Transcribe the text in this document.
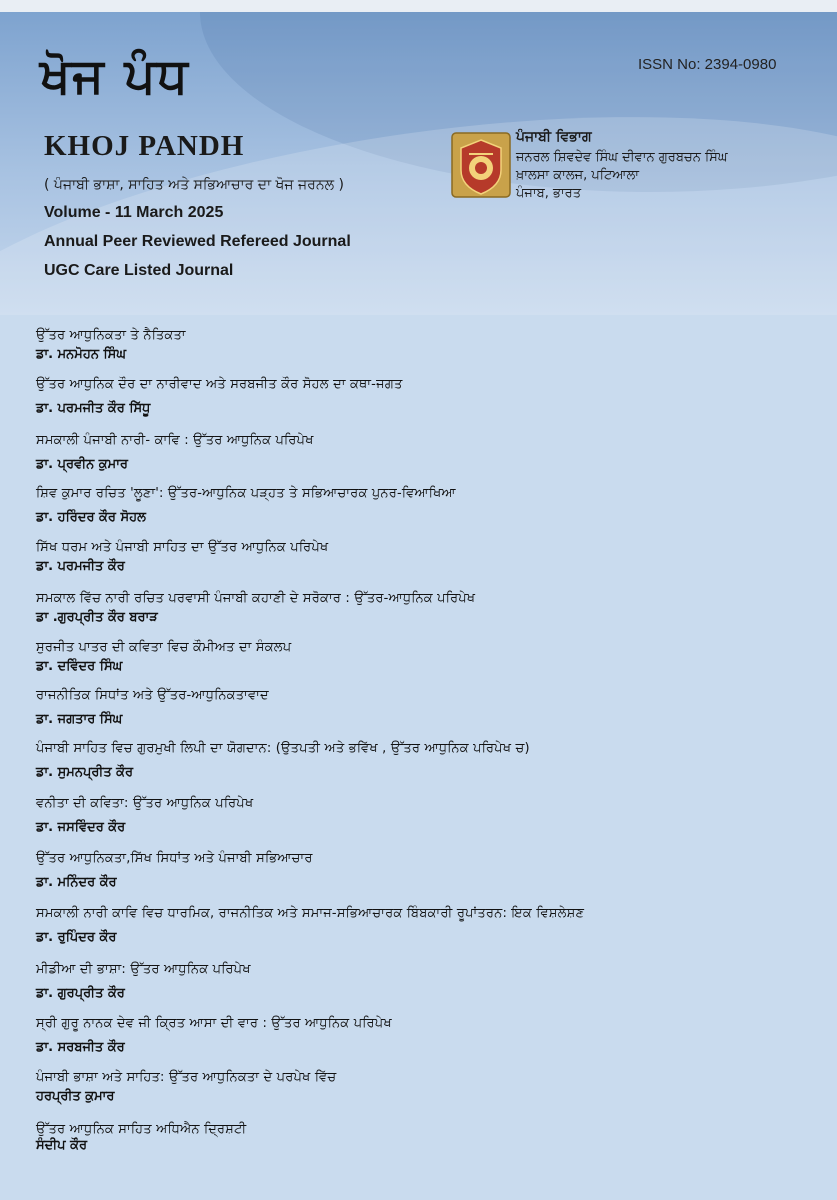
ਖੋਜ ਪੰਧ	ISSN No: 2394-0980
KHOJ PANDH
( ਪੰਜਾਬੀ ਭਾਸ਼ਾ, ਸਾਹਿਤ ਅਤੇ ਸਭਿਆਚਾਰ ਦਾ ਖੋਜ ਜਰਨਲ )
Volume - 11 March 2025
Annual Peer Reviewed Refereed Journal
UGC Care Listed Journal
ਪੰਜਾਬੀ ਵਿਭਾਗ
ਜਨਰਲ ਸ਼ਿਵਦੇਵ ਸਿੰਘ ਦੀਵਾਨ ਗੁਰਬਚਨ ਸਿੰਘ
ਖ਼ਾਲਸਾ ਕਾਲਜ, ਪਟਿਆਲਾ
ਪੰਜਾਬ, ਭਾਰਤ
ਉੱਤਰ ਆਧੁਨਿਕਤਾ ਤੇ ਨੈਤਿਕਤਾ
ਡਾ. ਮਨਮੋਹਨ ਸਿੰਘ
ਉੱਤਰ ਆਧੁਨਿਕ ਦੌਰ ਦਾ ਨਾਰੀਵਾਦ ਅਤੇ ਸਰਬਜੀਤ ਕੌਰ ਸੋਹਲ ਦਾ ਕਥਾ-ਜਗਤ
ਡਾ. ਪਰਮਜੀਤ ਕੌਰ ਸਿੱਧੂ
ਸਮਕਾਲੀ ਪੰਜਾਬੀ ਨਾਰੀ- ਕਾਵਿ : ਉੱਤਰ ਆਧੁਨਿਕ ਪਰਿਪੇਖ
ਡਾ. ਪ੍ਰਵੀਨ ਕੁਮਾਰ
ਸ਼ਿਵ ਕੁਮਾਰ ਰਚਿਤ 'ਲੂਣਾ': ਉੱਤਰ-ਆਧੁਨਿਕ ਪੜ੍ਹਤ ਤੇ ਸਭਿਆਚਾਰਕ ਪੁਨਰ-ਵਿਆਖਿਆ
ਡਾ. ਹਰਿੰਦਰ ਕੌਰ ਸੋਹਲ
ਸਿੱਖ ਧਰਮ ਅਤੇ ਪੰਜਾਬੀ ਸਾਹਿਤ ਦਾ ਉੱਤਰ ਆਧੁਨਿਕ ਪਰਿਪੇਖ
ਡਾ. ਪਰਮਜੀਤ ਕੌਰ
ਸਮਕਾਲ ਵਿੱਚ ਨਾਰੀ ਰਚਿਤ ਪਰਵਾਸੀ ਪੰਜਾਬੀ ਕਹਾਣੀ ਦੇ ਸਰੋਕਾਰ : ਉੱਤਰ-ਆਧੁਨਿਕ ਪਰਿਪੇਖ
ਡਾ .ਗੁਰਪ੍ਰੀਤ ਕੌਰ ਬਰਾੜ
ਸੁਰਜੀਤ ਪਾਤਰ ਦੀ ਕਵਿਤਾ ਵਿਚ ਕੌਮੀਅਤ ਦਾ ਸੰਕਲਪ
ਡਾ. ਦਵਿੰਦਰ ਸਿੰਘ
ਰਾਜਨੀਤਿਕ ਸਿਧਾਂਤ ਅਤੇ ਉੱਤਰ-ਆਧੁਨਿਕਤਾਵਾਦ
ਡਾ. ਜਗਤਾਰ ਸਿੰਘ
ਪੰਜਾਬੀ ਸਾਹਿਤ ਵਿਚ ਗੁਰਮੁਖੀ ਲਿਪੀ ਦਾ ਯੋਗਦਾਨ: (ਉਤਪਤੀ ਅਤੇ ਭਵਿੱਖ , ਉੱਤਰ ਆਧੁਨਿਕ ਪਰਿਪੇਖ ਚ)
ਡਾ. ਸੁਮਨਪ੍ਰੀਤ ਕੌਰ
ਵਨੀਤਾ ਦੀ ਕਵਿਤਾ: ਉੱਤਰ ਆਧੁਨਿਕ ਪਰਿਪੇਖ
ਡਾ. ਜਸਵਿੰਦਰ ਕੌਰ
ਉੱਤਰ ਆਧੁਨਿਕਤਾ,ਸਿੱਖ ਸਿਧਾਂਤ ਅਤੇ ਪੰਜਾਬੀ ਸਭਿਆਚਾਰ
ਡਾ. ਮਨਿੰਦਰ ਕੌਰ
ਸਮਕਾਲੀ ਨਾਰੀ ਕਾਵਿ ਵਿਚ ਧਾਰਮਿਕ, ਰਾਜਨੀਤਿਕ ਅਤੇ ਸਮਾਜ-ਸਭਿਆਚਾਰਕ ਬਿੰਬਕਾਰੀ ਰੂਪਾਂਤਰਨ: ਇਕ ਵਿਸ਼ਲੇਸ਼ਣ
ਡਾ. ਰੁਪਿੰਦਰ ਕੌਰ
ਮੀਡੀਆ ਦੀ ਭਾਸ਼ਾ: ਉੱਤਰ ਆਧੁਨਿਕ ਪਰਿਪੇਖ
ਡਾ. ਗੁਰਪ੍ਰੀਤ ਕੌਰ
ਸ੍ਰੀ ਗੁਰੂ ਨਾਨਕ ਦੇਵ ਜੀ ਕ੍ਰਿਤ ਆਸਾ ਦੀ ਵਾਰ : ਉੱਤਰ ਆਧੁਨਿਕ ਪਰਿਪੇਖ
ਡਾ. ਸਰਬਜੀਤ ਕੌਰ
ਪੰਜਾਬੀ ਭਾਸ਼ਾ ਅਤੇ ਸਾਹਿਤ: ਉੱਤਰ ਆਧੁਨਿਕਤਾ ਦੇ ਪਰਪੇਖ ਵਿੱਚ
ਹਰਪ੍ਰੀਤ ਕੁਮਾਰ
ਉੱਤਰ ਆਧੁਨਿਕ ਸਾਹਿਤ ਅਧਿਐਨ ਦ੍ਰਿਸ਼ਟੀ
ਸੰਦੀਪ ਕੌਰ
